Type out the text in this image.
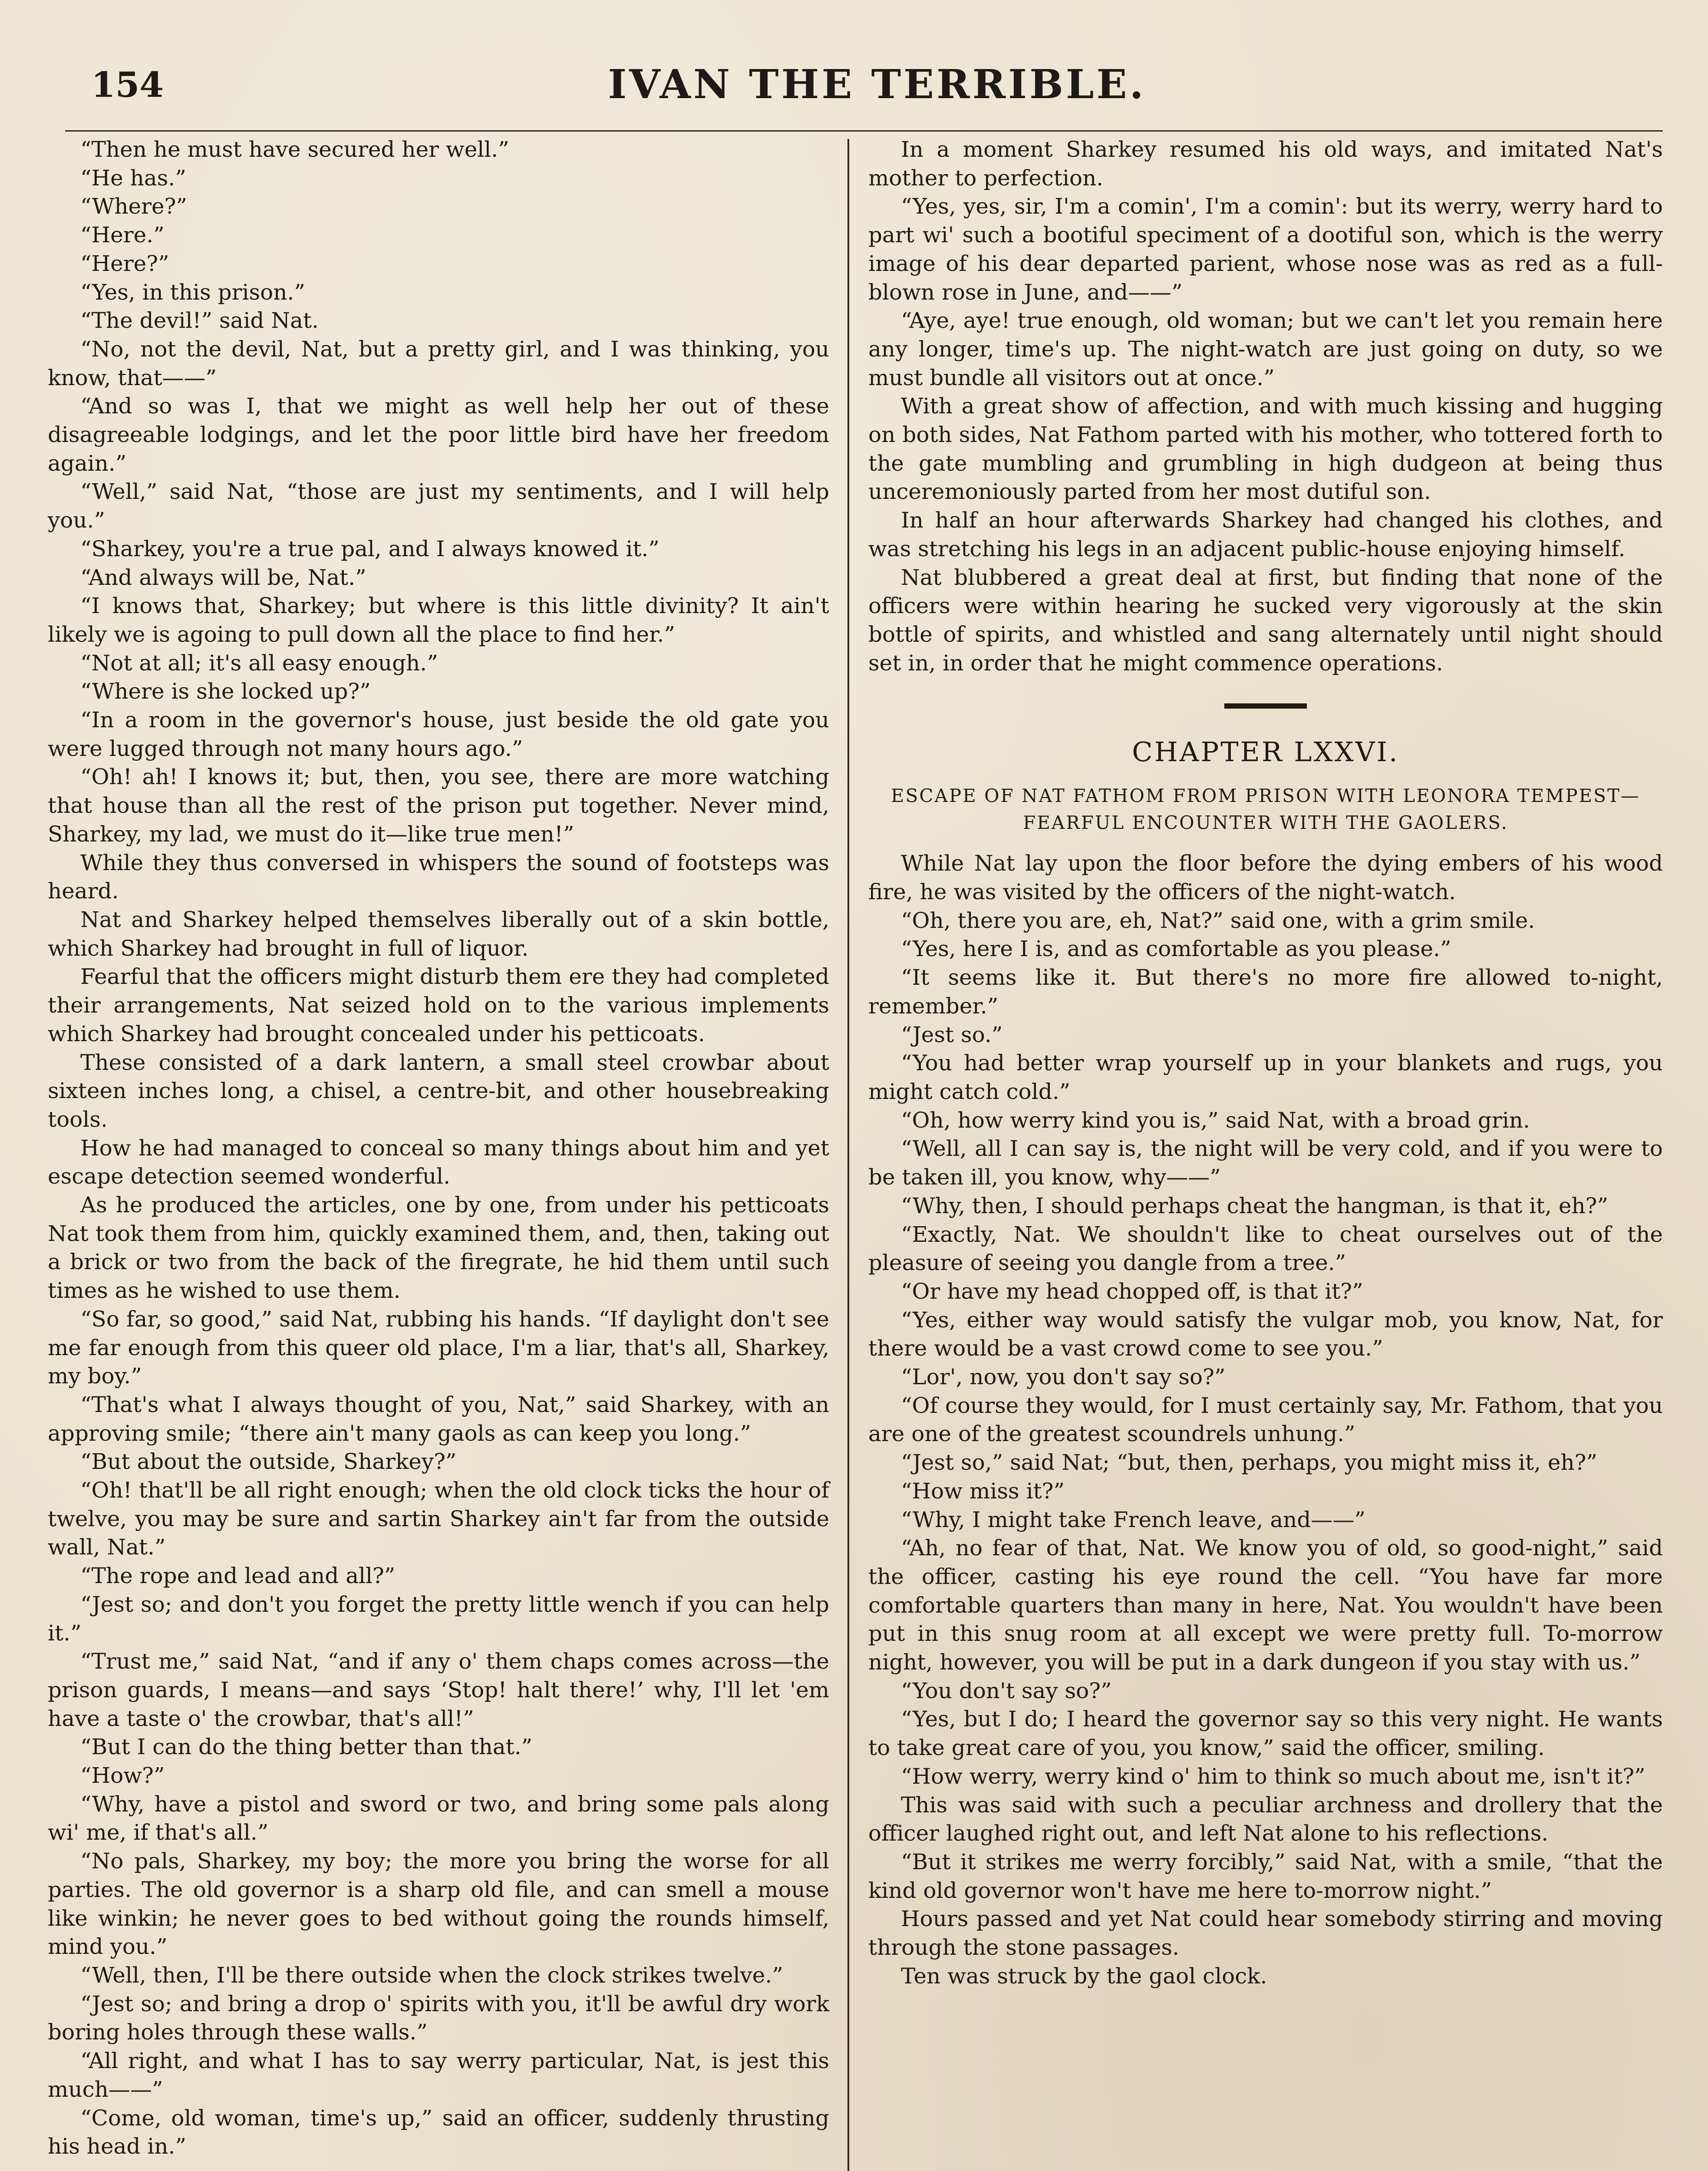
154	IVAN THE TERRIBLE.

“Then he must have secured her well.”

“He has.”

“Where?”

“Here.”

“Here?”

“Yes, in this prison.”

“The devil!” said Nat.

“No, not the devil, Nat, but a pretty girl, and I was thinking, you know, that——”

“And so was I, that we might as well help her out of these disagreeable lodgings, and let the poor little bird have her freedom again.”

“Well,” said Nat, “those are just my sentiments, and I will help you.”

“Sharkey, you're a true pal, and I always knowed it.”

“And always will be, Nat.”

“I knows that, Sharkey; but where is this little divinity? It ain't likely we is agoing to pull down all the place to find her.”

“Not at all; it's all easy enough.”

“Where is she locked up?”

“In a room in the governor's house, just beside the old gate you were lugged through not many hours ago.”

“Oh! ah! I knows it; but, then, you see, there are more watching that house than all the rest of the prison put together. Never mind, Sharkey, my lad, we must do it—like true men!”

While they thus conversed in whispers the sound of footsteps was heard.

Nat and Sharkey helped themselves liberally out of a skin bottle, which Sharkey had brought in full of liquor.

Fearful that the officers might disturb them ere they had completed their arrangements, Nat seized hold on to the various implements which Sharkey had brought concealed under his petticoats.

These consisted of a dark lantern, a small steel crowbar about sixteen inches long, a chisel, a centre-bit, and other housebreaking tools.

How he had managed to conceal so many things about him and yet escape detection seemed wonderful.

As he produced the articles, one by one, from under his petticoats Nat took them from him, quickly examined them, and, then, taking out a brick or two from the back of the firegrate, he hid them until such times as he wished to use them.

“So far, so good,” said Nat, rubbing his hands. “If daylight don't see me far enough from this queer old place, I'm a liar, that's all, Sharkey, my boy.”

“That's what I always thought of you, Nat,” said Sharkey, with an approving smile; “there ain't many gaols as can keep you long.”

“But about the outside, Sharkey?”

“Oh! that'll be all right enough; when the old clock ticks the hour of twelve, you may be sure and sartin Sharkey ain't far from the outside wall, Nat.”

“The rope and lead and all?”

“Jest so; and don't you forget the pretty little wench if you can help it.”

“Trust me,” said Nat, “and if any o' them chaps comes across—the prison guards, I means—and says ‘Stop! halt there!’ why, I'll let 'em have a taste o' the crowbar, that's all!”

“But I can do the thing better than that.”

“How?”

“Why, have a pistol and sword or two, and bring some pals along wi' me, if that's all.”

“No pals, Sharkey, my boy; the more you bring the worse for all parties. The old governor is a sharp old file, and can smell a mouse like winkin; he never goes to bed without going the rounds himself, mind you.”

“Well, then, I'll be there outside when the clock strikes twelve.”

“Jest so; and bring a drop o' spirits with you, it'll be awful dry work boring holes through these walls.”

“All right, and what I has to say werry particular, Nat, is jest this much——”

“Come, old woman, time's up,” said an officer, suddenly thrusting his head in.”

In a moment Sharkey resumed his old ways, and imitated Nat's mother to perfection.

“Yes, yes, sir, I'm a comin', I'm a comin': but its werry, werry hard to part wi' such a bootiful speciment of a dootiful son, which is the werry image of his dear departed parient, whose nose was as red as a full-blown rose in June, and——”

“Aye, aye! true enough, old woman; but we can't let you remain here any longer, time's up. The night-watch are just going on duty, so we must bundle all visitors out at once.”

With a great show of affection, and with much kissing and hugging on both sides, Nat Fathom parted with his mother, who tottered forth to the gate mumbling and grumbling in high dudgeon at being thus unceremoniously parted from her most dutiful son.

In half an hour afterwards Sharkey had changed his clothes, and was stretching his legs in an adjacent public-house enjoying himself.

Nat blubbered a great deal at first, but finding that none of the officers were within hearing he sucked very vigorously at the skin bottle of spirits, and whistled and sang alternately until night should set in, in order that he might commence operations.

CHAPTER LXXVI.
ESCAPE OF NAT FATHOM FROM PRISON WITH LEONORA TEMPEST—FEARFUL ENCOUNTER WITH THE GAOLERS.

While Nat lay upon the floor before the dying embers of his wood fire, he was visited by the officers of the night-watch.

“Oh, there you are, eh, Nat?” said one, with a grim smile.

“Yes, here I is, and as comfortable as you please.”

“It seems like it. But there's no more fire allowed to-night, remember.”

“Jest so.”

“You had better wrap yourself up in your blankets and rugs, you might catch cold.”

“Oh, how werry kind you is,” said Nat, with a broad grin.

“Well, all I can say is, the night will be very cold, and if you were to be taken ill, you know, why——”

“Why, then, I should perhaps cheat the hangman, is that it, eh?”

“Exactly, Nat. We shouldn't like to cheat ourselves out of the pleasure of seeing you dangle from a tree.”

“Or have my head chopped off, is that it?”

“Yes, either way would satisfy the vulgar mob, you know, Nat, for there would be a vast crowd come to see you.”

“Lor', now, you don't say so?”

“Of course they would, for I must certainly say, Mr. Fathom, that you are one of the greatest scoundrels unhung.”

“Jest so,” said Nat; “but, then, perhaps, you might miss it, eh?”

“How miss it?”

“Why, I might take French leave, and——”

“Ah, no fear of that, Nat. We know you of old, so good-night,” said the officer, casting his eye round the cell. “You have far more comfortable quarters than many in here, Nat. You wouldn't have been put in this snug room at all except we were pretty full. To-morrow night, however, you will be put in a dark dungeon if you stay with us.”

“You don't say so?”

“Yes, but I do; I heard the governor say so this very night. He wants to take great care of you, you know,” said the officer, smiling.

“How werry, werry kind o' him to think so much about me, isn't it?”

This was said with such a peculiar archness and drollery that the officer laughed right out, and left Nat alone to his reflections.

“But it strikes me werry forcibly,” said Nat, with a smile, “that the kind old governor won't have me here to-morrow night.”

Hours passed and yet Nat could hear somebody stirring and moving through the stone passages.

Ten was struck by the gaol clock.
